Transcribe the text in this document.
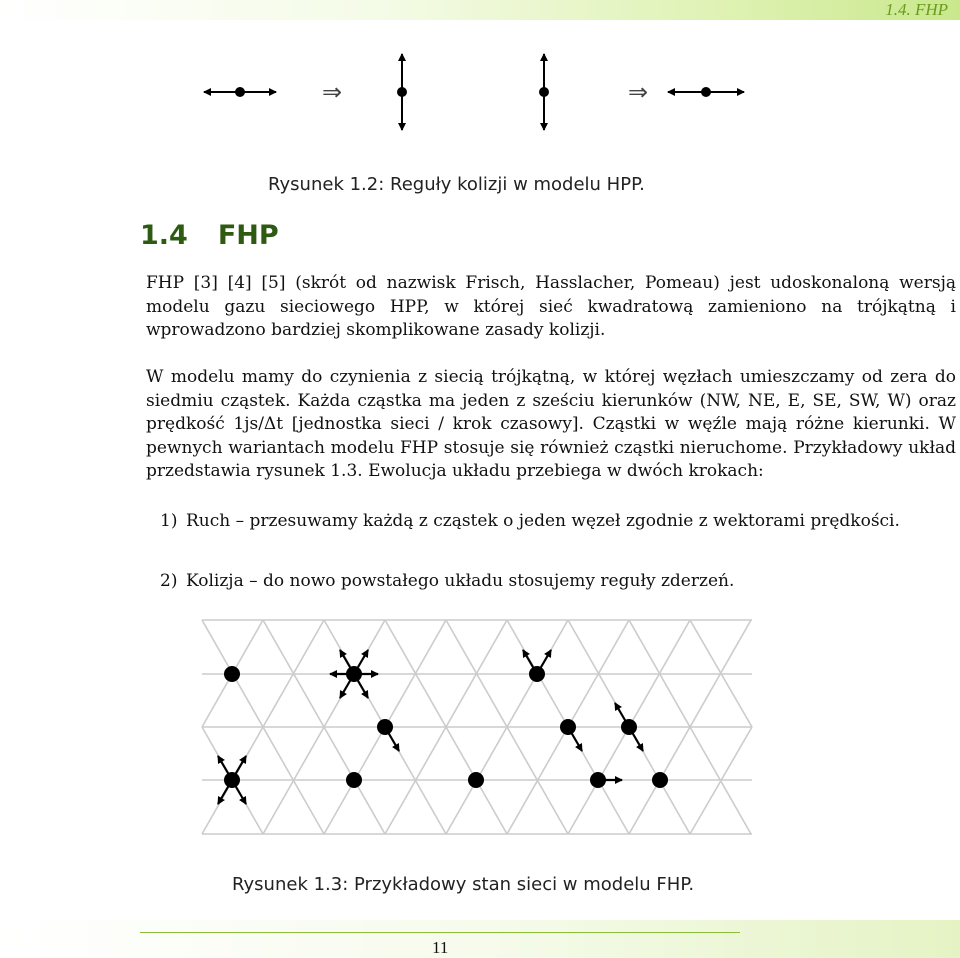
1.4. FHP
⇒	⇒
Rysunek 1.2: Reguły kolizji w modelu HPP.
1.4 FHP
FHP [3] [4] [5] (skrót od nazwisk Frisch, Hasslacher, Pomeau) jest udoskonaloną wersją modelu gazu sieciowego HPP, w której sieć kwadratową zamieniono na trójkątną i wprowadzono bardziej skomplikowane zasady kolizji.
W modelu mamy do czynienia z siecią trójkątną, w której węzłach umieszczamy od zera do siedmiu cząstek. Każda cząstka ma jeden z sześciu kierunków (NW, NE, E, SE, SW, W) oraz prędkość 1js/Δt [jednostka sieci / krok czasowy]. Cząstki w węźle mają różne kierunki. W pewnych wariantach modelu FHP stosuje się również cząstki nieruchome. Przykładowy układ przedstawia rysunek 1.3. Ewolucja układu przebiega w dwóch krokach:
1) Ruch – przesuwamy każdą z cząstek o jeden węzeł zgodnie z wektorami prędkości.
2) Kolizja – do nowo powstałego układu stosujemy reguły zderzeń.
Rysunek 1.3: Przykładowy stan sieci w modelu FHP.
11
